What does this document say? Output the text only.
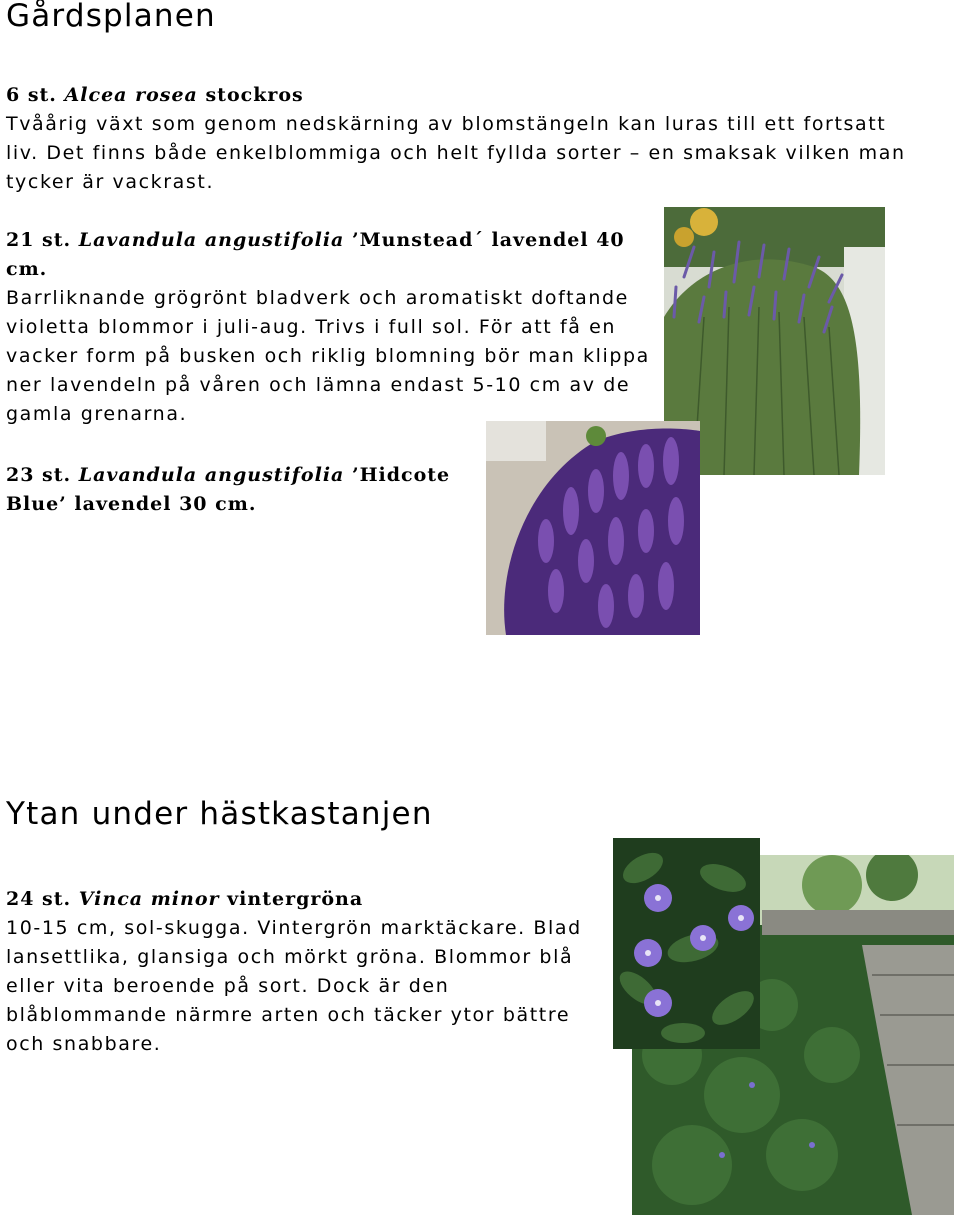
Gårdsplanen
6 st. Alcea rosea stockros

Tvåårig växt som genom nedskärning av blomstängeln kan luras till ett fortsatt liv. Det finns både enkelblommiga och helt fyllda sorter – en smaksak vilken man tycker är vackrast.

21 st. Lavandula angustifolia ’Munstead´ lavendel 40 cm.

Barrliknande grögrönt bladverk och aromatiskt doftande violetta blommor i juli-aug. Trivs i full sol. För att få en vacker form på busken och riklig blomning bör man klippa ner lavendeln på våren och lämna endast 5-10 cm av de gamla grenarna.

23 st. Lavandula angustifolia ’Hidcote Blue’ lavendel 30 cm.
Ytan under hästkastanjen
24 st. Vinca minor vintergröna

10-15 cm, sol-skugga. Vintergrön marktäckare. Blad lansettlika, glansiga och mörkt gröna. Blommor blå eller vita beroende på sort. Dock är den blåblommande närmre arten och täcker ytor bättre och snabbare.
